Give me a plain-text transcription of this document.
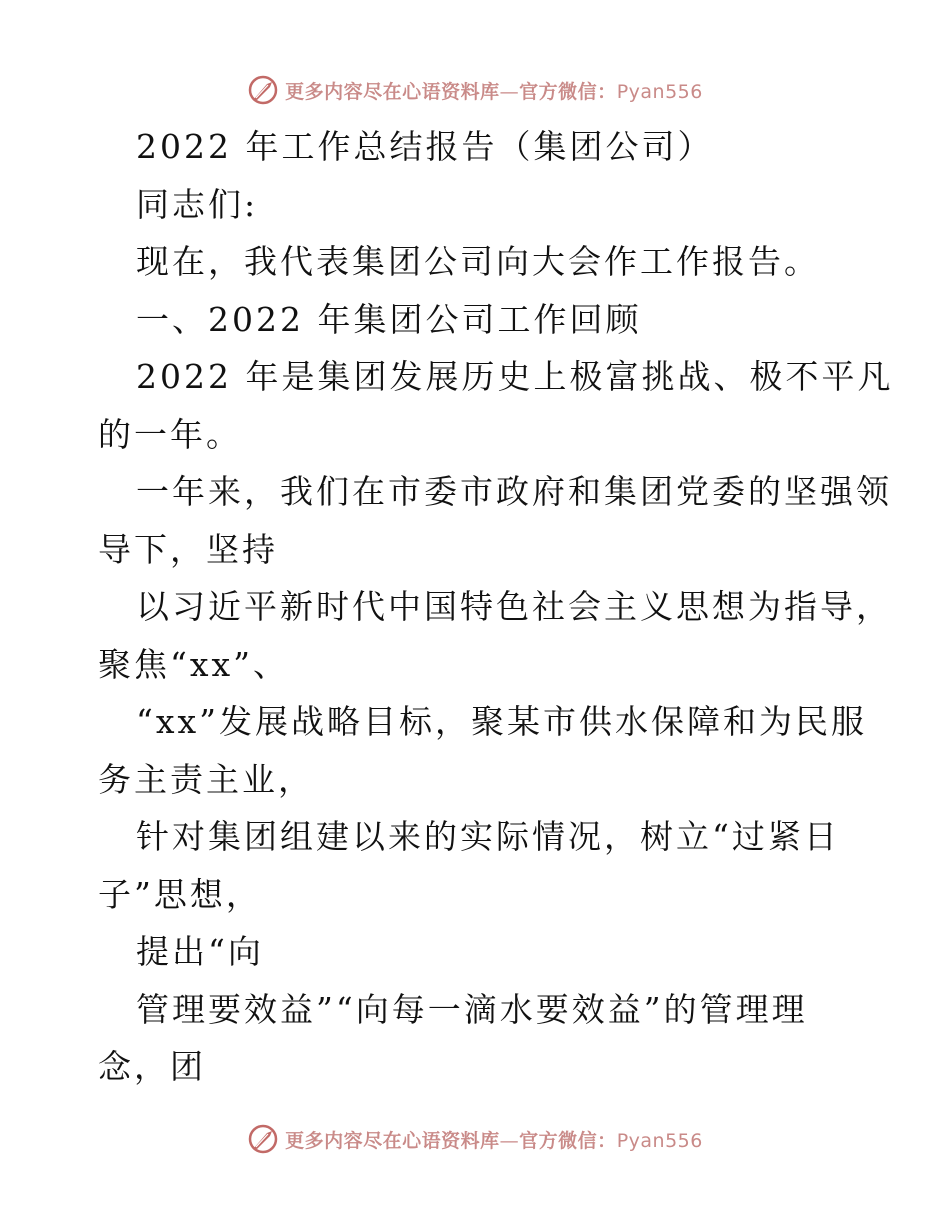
更多内容尽在心语资料库—官方微信：Pyan556
2022 年工作总结报告（集团公司）
同志们:
现在，我代表集团公司向大会作工作报告。
一、2022 年集团公司工作回顾
2022 年是集团发展历史上极富挑战、极不平凡
的一年。
一年来，我们在市委市政府和集团党委的坚强领
导下，坚持
以习近平新时代中国特色社会主义思想为指导，
聚焦“xx”、
“xx”发展战略目标，聚某市供水保障和为民服
务主责主业，
针对集团组建以来的实际情况，树立“过紧日
子”思想，
提出“向
管理要效益”“向每一滴水要效益”的管理理
念，团
更多内容尽在心语资料库—官方微信：Pyan556
